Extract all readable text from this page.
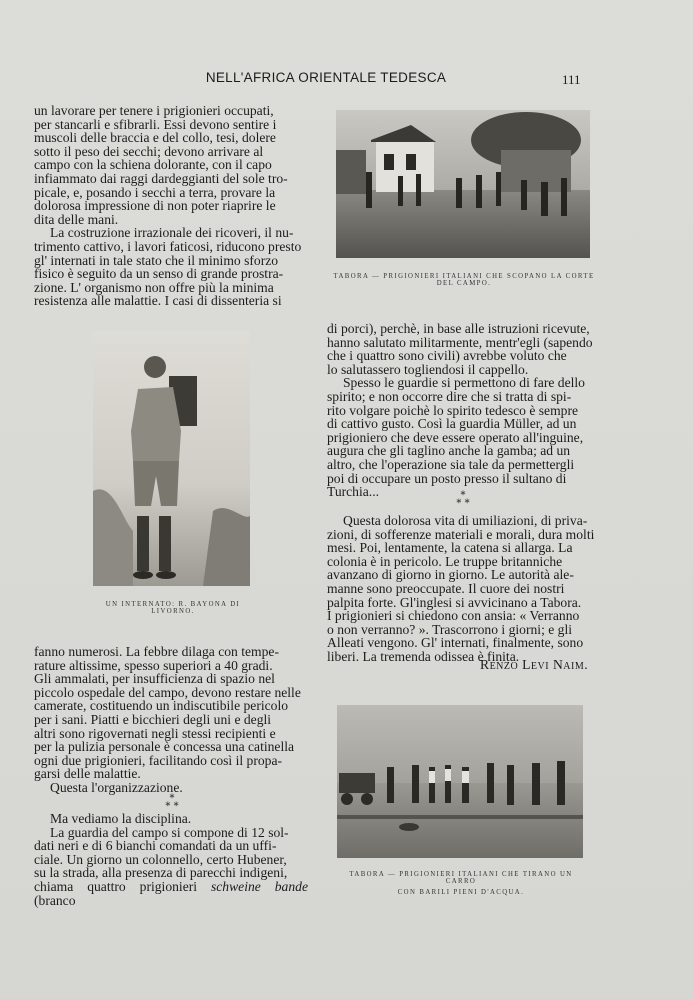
NELL'AFRICA ORIENTALE TEDESCA	111

un lavorare per tenere i prigionieri occupati,

per stancarli e sfibrarli. Essi devono sentire i

muscoli delle braccia e del collo, tesi, dolere

sotto il peso dei secchi; devono arrivare al

campo con la schiena dolorante, con il capo

infiammato dai raggi dardeggianti del sole tro-

picale, e, posando i secchi a terra, provare la

dolorosa impressione di non poter riaprire le

dita delle mani.

La costruzione irrazionale dei ricoveri, il nu-

trimento cattivo, i lavori faticosi, riducono presto

gl' internati in tale stato che il minimo sforzo

fisico è seguito da un senso di grande prostra-

zione. L' organismo non offre più la minima

resistenza alle malattie. I casi di dissenteria si

TABORA — PRIGIONIERI ITALIANI CHE SCOPANO LA CORTE DEL CAMPO.
UN INTERNATO: R. BAYONA DI LIVORNO.

di porci), perchè, in base alle istruzioni ricevute,

hanno salutato militarmente, mentr'egli (sapendo

che i quattro sono civili) avrebbe voluto che

lo salutassero togliendosi il cappello.

Spesso le guardie si permettono di fare dello

spirito; e non occorre dire che si tratta di spi-

rito volgare poichè lo spirito tedesco è sempre

di cattivo gusto. Così la guardia Müller, ad un

prigioniero che deve essere operato all'inguine,

augura che gli taglino anche la gamba; ad un

altro, che l'operazione sia tale da permettergli

poi di occupare un posto presso il sultano di

Turchia...	*
* *

Questa dolorosa vita di umiliazioni, di priva-

zioni, di sofferenze materiali e morali, dura molti

mesi. Poi, lentamente, la catena si allarga. La

colonia è in pericolo. Le truppe britanniche

avanzano di giorno in giorno. Le autorità ale-

manne sono preoccupate. Il cuore dei nostri

palpita forte. Gl'inglesi si avvicinano a Tabora.

I prigionieri si chiedono con ansia: « Verranno

o non verranno? ». Trascorrono i giorni; e gli

Alleati vengono. Gl' internati, finalmente, sono

liberi. La tremenda odissea è finita.

Renzo Levi Naim.

fanno numerosi. La febbre dilaga con tempe-

rature altissime, spesso superiori a 40 gradi.

Gli ammalati, per insufficienza di spazio nel

piccolo ospedale del campo, devono restare nelle

camerate, costituendo un indiscutibile pericolo

per i sani. Piatti e bicchieri degli uni e degli

altri sono rigovernati negli stessi recipienti e

per la pulizia personale è concessa una catinella

ogni due prigionieri, facilitando così il propa-

garsi delle malattie.

Questa l'organizzazione.

*
* *

Ma vediamo la disciplina.

La guardia del campo si compone di 12 sol-

dati neri e di 6 bianchi comandati da un uffi-

ciale. Un giorno un colonnello, certo Hubener,

su la strada, alla presenza di parecchi indigeni,

chiama quattro prigionieri schweine bande (branco

TABORA — PRIGIONIERI ITALIANI CHE TIRANO UN CARRO
CON BARILI PIENI D'ACQUA.
